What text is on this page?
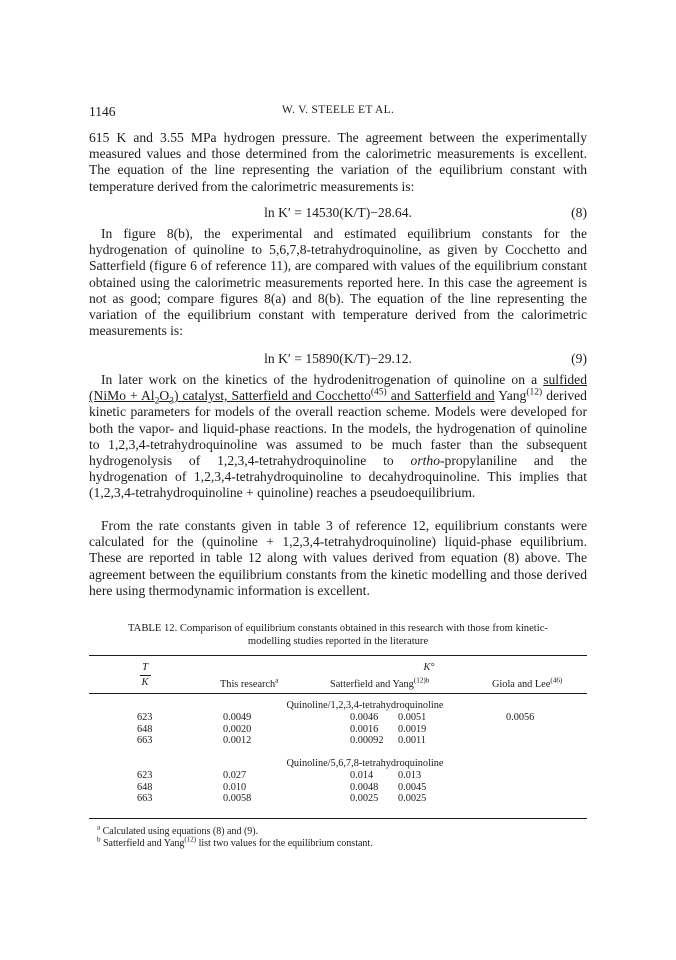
1146	W. V. STEELE ET AL.
615 K and 3.55 MPa hydrogen pressure. The agreement between the experimentally measured values and those determined from the calorimetric measurements is excellent. The equation of the line representing the variation of the equilibrium constant with temperature derived from the calorimetric measurements is:
ln K′ = 14530(K/T)−28.64.	(8)
In figure 8(b), the experimental and estimated equilibrium constants for the hydrogenation of quinoline to 5,6,7,8-tetrahydroquinoline, as given by Cocchetto and Satterfield (figure 6 of reference 11), are compared with values of the equilibrium constant obtained using the calorimetric measurements reported here. In this case the agreement is not as good; compare figures 8(a) and 8(b). The equation of the line representing the variation of the equilibrium constant with temperature derived from the calorimetric measurements is:
ln K′ = 15890(K/T)−29.12.	(9)
In later work on the kinetics of the hydrodenitrogenation of quinoline on a sulfided (NiMo + $Al_2O_3$) catalyst, Satterfield and Cocchetto$^{(45)}$ and Satterfield and Yang$^{(12)}$ derived kinetic parameters for models of the overall reaction scheme. Models were developed for both the vapor- and liquid-phase reactions. In the models, the hydrogenation of quinoline to 1,2,3,4-tetrahydroquinoline was assumed to be much faster than the subsequent hydrogenolysis of 1,2,3,4-tetrahydroquinoline to ortho-propylaniline and the hydrogenation of 1,2,3,4-tetrahydroquinoline to decahydroquinoline. This implies that (1,2,3,4-tetrahydroquinoline + quinoline) reaches a pseudoequilibrium.
From the rate constants given in table 3 of reference 12, equilibrium constants were calculated for the (quinoline + 1,2,3,4-tetrahydroquinoline) liquid-phase equilibrium. These are reported in table 12 along with values derived from equation (8) above. The agreement between the equilibrium constants from the kinetic modelling and those derived here using thermodynamic information is excellent.
TABLE 12. Comparison of equilibrium constants obtained in this research with those from kinetic-
modelling studies reported in the literature
T
K
K°
This research$^a$	Satterfield and Yang$^{(12)b}$	Giola and Lee$^{(46)}$
Quinoline/1,2,3,4-tetrahydroquinoline
623	0.0049	0.0046 0.0051	0.0056
648	0.0020	0.0016 0.0019
663	0.0012	0.00092 0.0011
Quinoline/5,6,7,8-tetrahydroquinoline
623	0.027	0.014 0.013
648	0.010	0.0048 0.0045
663	0.0058	0.0025 0.0025
$^a$ Calculated using equations (8) and (9).
$^b$ Satterfield and Yang$^{(12)}$ list two values for the equilibrium constant.
